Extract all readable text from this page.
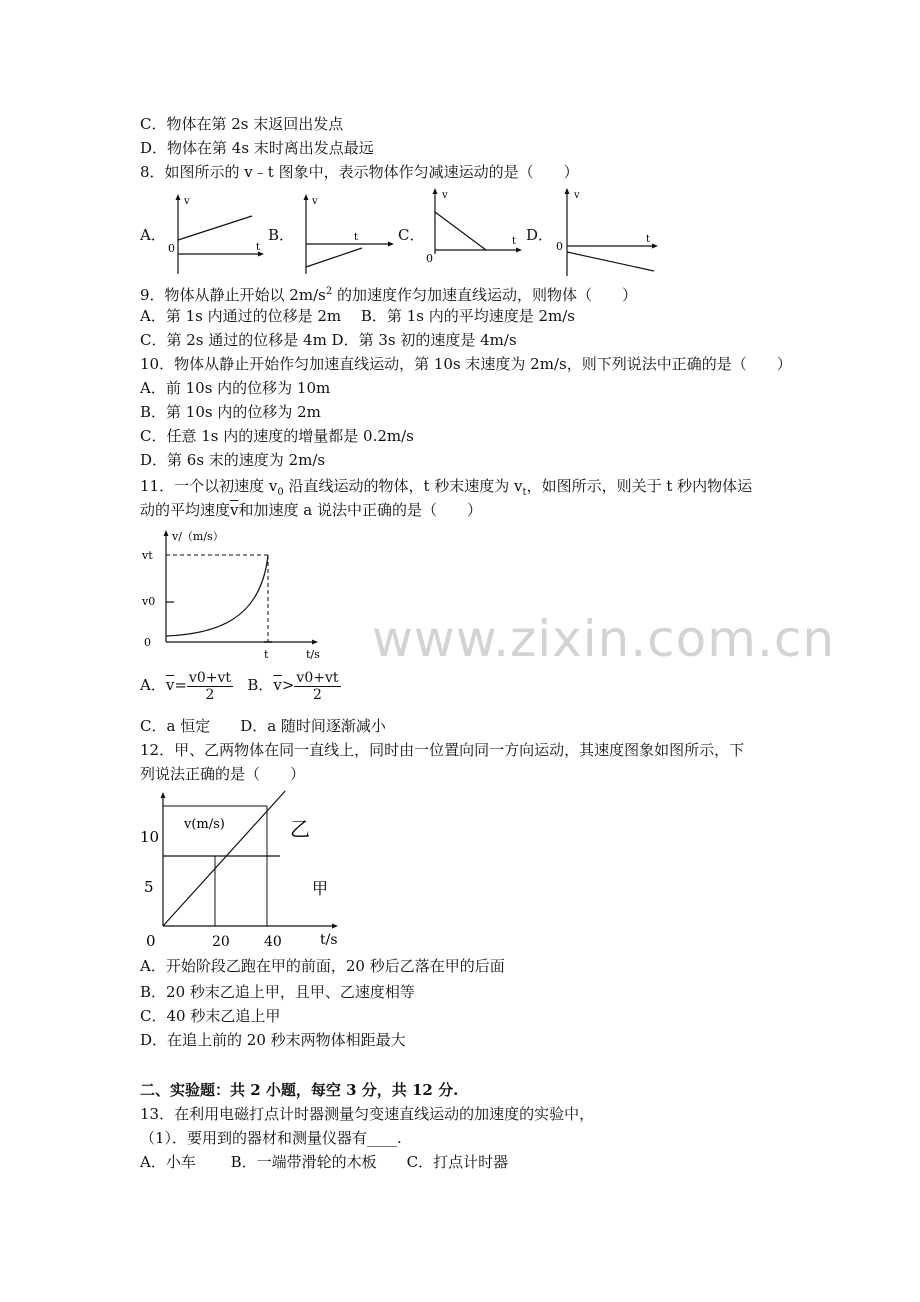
C．物体在第 2s 末返回出发点
D．物体在第 4s 末时离出发点最远
8．如图所示的 v﹣t 图象中，表示物体作匀减速运动的是（　　）
A．
v
t
0
B．
v
t	C．
v
t
0
D．
v
t
0
9．物体从静止开始以 $2m/s^2$ 的加速度作匀加速直线运动，则物体（　　）
A．第 1s 内通过的位移是 2m　 B．第 1s 内的平均速度是 2m/s
C．第 2s 通过的位移是 4m D．第 3s 初的速度是 4m/s
10．物体从静止开始作匀加速直线运动，第 10s 末速度为 2m/s，则下列说法中正确的是（　　）
A．前 10s 内的位移为 10m
B．第 10s 内的位移为 2m
C．任意 1s 内的速度的增量都是 0.2m/s
D．第 6s 末的速度为 2m/s
11．一个以初速度 $v_0$ 沿直线运动的物体，t 秒末速度为 $v_t$，如图所示，则关于 t 秒内物体运
动的平均速度$\overline{v}$和加速度 a 说法中正确的是（　　）
v/（m/s）
vt
v0
0
t	t/s
A．$\overline{v}= \frac{v0+vt}{2}$ B．$\overline{v}> \frac{v0+vt}{2}$
C．a 恒定　　D．a 随时间逐渐减小
12．甲、乙两物体在同一直线上，同时由一位置向同一方向运动，其速度图象如图所示，下
列说法正确的是（　　）
v(m/s)
10
5
0	20 40	t/s
乙
甲
A．开始阶段乙跑在甲的前面，20 秒后乙落在甲的后面
B．20 秒末乙追上甲，且甲、乙速度相等
C．40 秒末乙追上甲
D．在追上前的 20 秒末两物体相距最大
二、实验题：共 2 小题，每空 3 分，共 12 分.
13．在利用电磁打点计时器测量匀变速直线运动的加速度的实验中，
（1）．要用到的器材和测量仪器有____.
A．小车　　 B．一端带滑轮的木板　　C．打点计时器
www.zixin.com.cn
